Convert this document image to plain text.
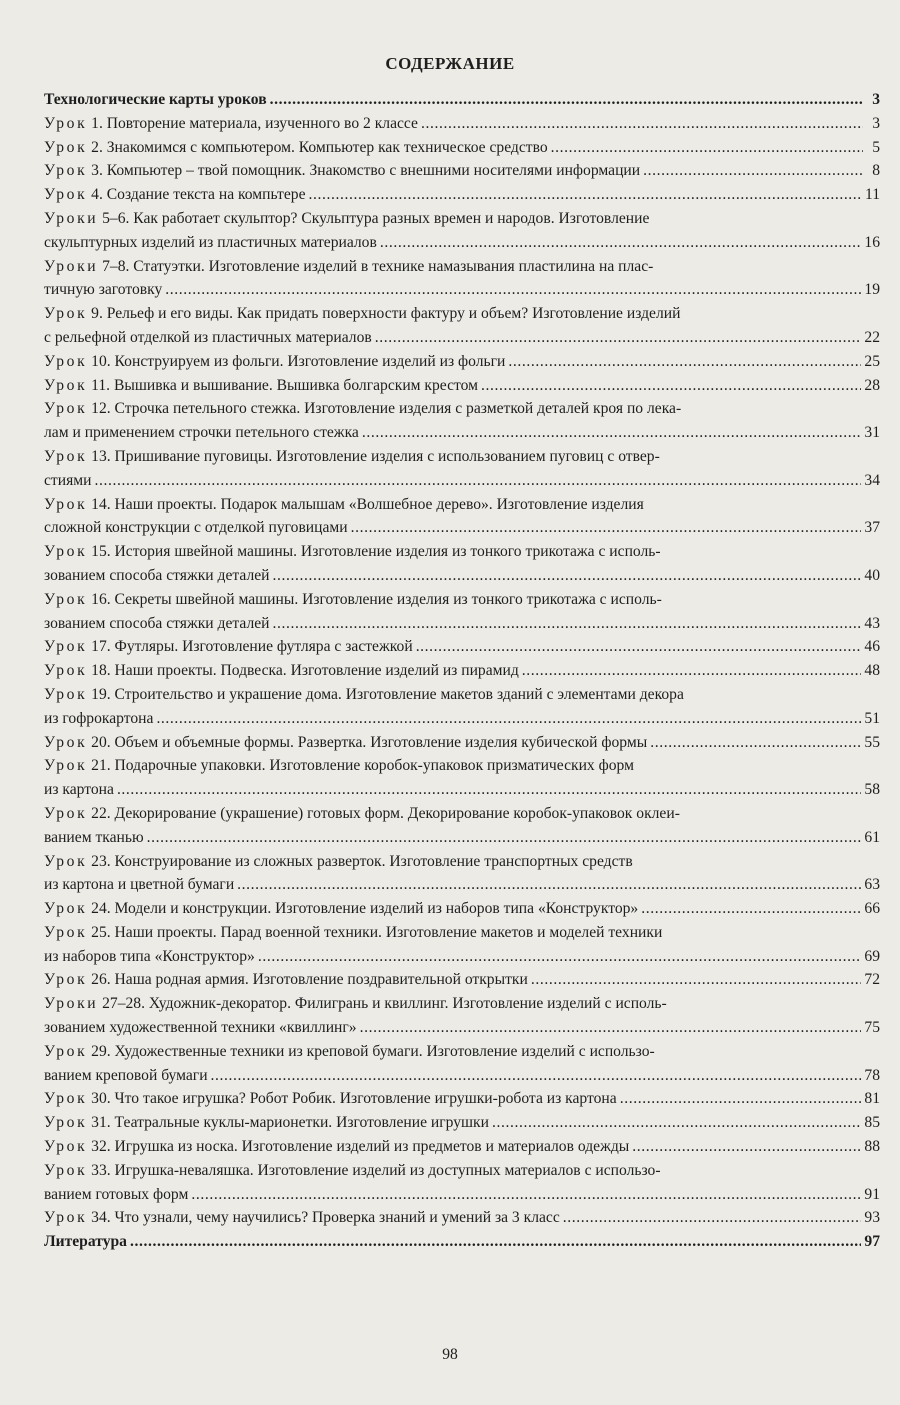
СОДЕРЖАНИЕ
Технологические карты уроков .....	3
Урок
1. Повторение материала, изученного во 2 классе .....	3
Урок
2. Знакомимся с компьютером. Компьютер как техническое средство .....	5
Урок
3. Компьютер – твой помощник. Знакомство с внешними носителями информации .....	8
Урок
4. Создание текста на компьтере .....	11
Уроки
5–6. Как работает скульптор? Скульптура разных времен и народов. Изготовление
скульптурных изделий из пластичных материалов .....	16
Уроки
7–8. Статуэтки. Изготовление изделий в технике намазывания пластилина на плас-
тичную заготовку .....	19
Урок
9. Рельеф и его виды. Как придать поверхности фактуру и объем? Изготовление изделий
с рельефной отделкой из пластичных материалов .....	22
Урок
10. Конструируем из фольги. Изготовление изделий из фольги .....	25
Урок
11. Вышивка и вышивание. Вышивка болгарским крестом .....	28
Урок
12. Строчка петельного стежка. Изготовление изделия с разметкой деталей кроя по лека-
лам и применением строчки петельного стежка .....	31
Урок
13. Пришивание пуговицы. Изготовление изделия с использованием пуговиц с отвер-
стиями .....	34
Урок
14. Наши проекты. Подарок малышам «Волшебное дерево». Изготовление изделия
сложной конструкции с отделкой пуговицами .....	37
Урок
15. История швейной машины. Изготовление изделия из тонкого трикотажа с исполь-
зованием способа стяжки деталей .....	40
Урок
16. Секреты швейной машины. Изготовление изделия из тонкого трикотажа с исполь-
зованием способа стяжки деталей .....	43
Урок
17. Футляры. Изготовление футляра с застежкой .....	46
Урок
18. Наши проекты. Подвеска. Изготовление изделий из пирамид .....	48
Урок
19. Строительство и украшение дома. Изготовление макетов зданий с элементами декора
из гофрокартона .....	51
Урок
20. Объем и объемные формы. Развертка. Изготовление изделия кубической формы .....	55
Урок
21. Подарочные упаковки. Изготовление коробок-упаковок призматических форм
из картона .....	58
Урок
22. Декорирование (украшение) готовых форм. Декорирование коробок-упаковок оклеи-
ванием тканью .....	61
Урок
23. Конструирование из сложных разверток. Изготовление транспортных средств
из картона и цветной бумаги .....	63
Урок
24. Модели и конструкции. Изготовление изделий из наборов типа «Конструктор» .....	66
Урок
25. Наши проекты. Парад военной техники. Изготовление макетов и моделей техники
из наборов типа «Конструктор» .....	69
Урок
26. Наша родная армия. Изготовление поздравительной открытки .....	72
Уроки
27–28. Художник-декоратор. Филигрань и квиллинг. Изготовление изделий с исполь-
зованием художественной техники «квиллинг» .....	75
Урок
29. Художественные техники из креповой бумаги. Изготовление изделий с использо-
ванием креповой бумаги .....	78
Урок
30. Что такое игрушка? Робот Робик. Изготовление игрушки-робота из картона .....	81
Урок
31. Театральные куклы-марионетки. Изготовление игрушки .....	85
Урок
32. Игрушка из носка. Изготовление изделий из предметов и материалов одежды .....	88
Урок
33. Игрушка-неваляшка. Изготовление изделий из доступных материалов с использо-
ванием готовых форм .....	91
Урок
34. Что узнали, чему научились? Проверка знаний и умений за 3 класс .....	93
Литература .....	97
98
